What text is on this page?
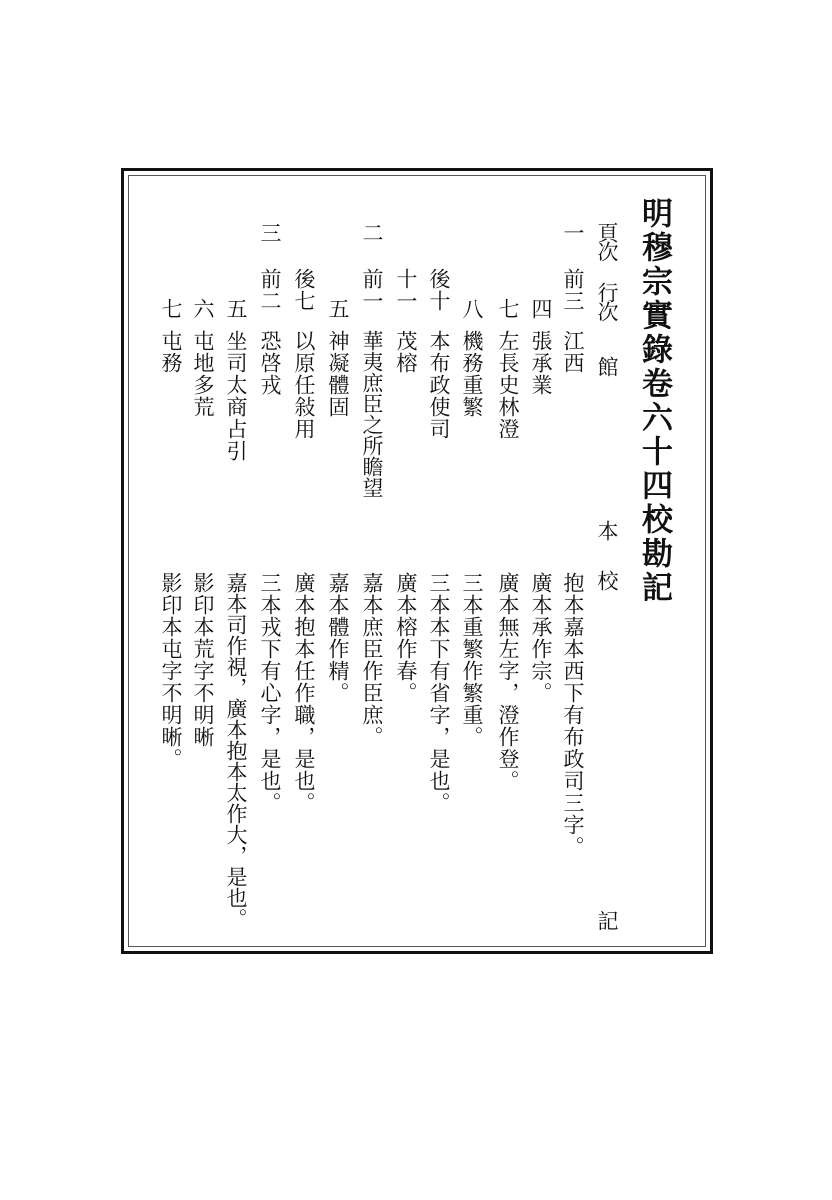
明穆宗實錄卷六十四校勘記
頁次 行次
館
本
校
記
一
前三
江西
抱本嘉本西下有布政司三字。
四
張承業
廣本承作宗。
七
左長史林澄
廣本無左字，澄作登。
八
機務重繁
三本重繁作繁重。
後十
本布政使司
三本本下有省字，是也。
十一
茂榕
廣本榕作春。
二
前一
華夷庶臣之所瞻望
嘉本庶臣作臣庶。
五
神凝體固
嘉本體作精。
後七
以原任敍用
廣本抱本任作職，是也。
三
前二
恐啓戎
三本戎下有心字，是也。
五
坐司太商占引
嘉本司作視，廣本抱本太作大，是也。
六
屯地多荒
影印本荒字不明晰
七
屯務
影印本屯字不明晰。
